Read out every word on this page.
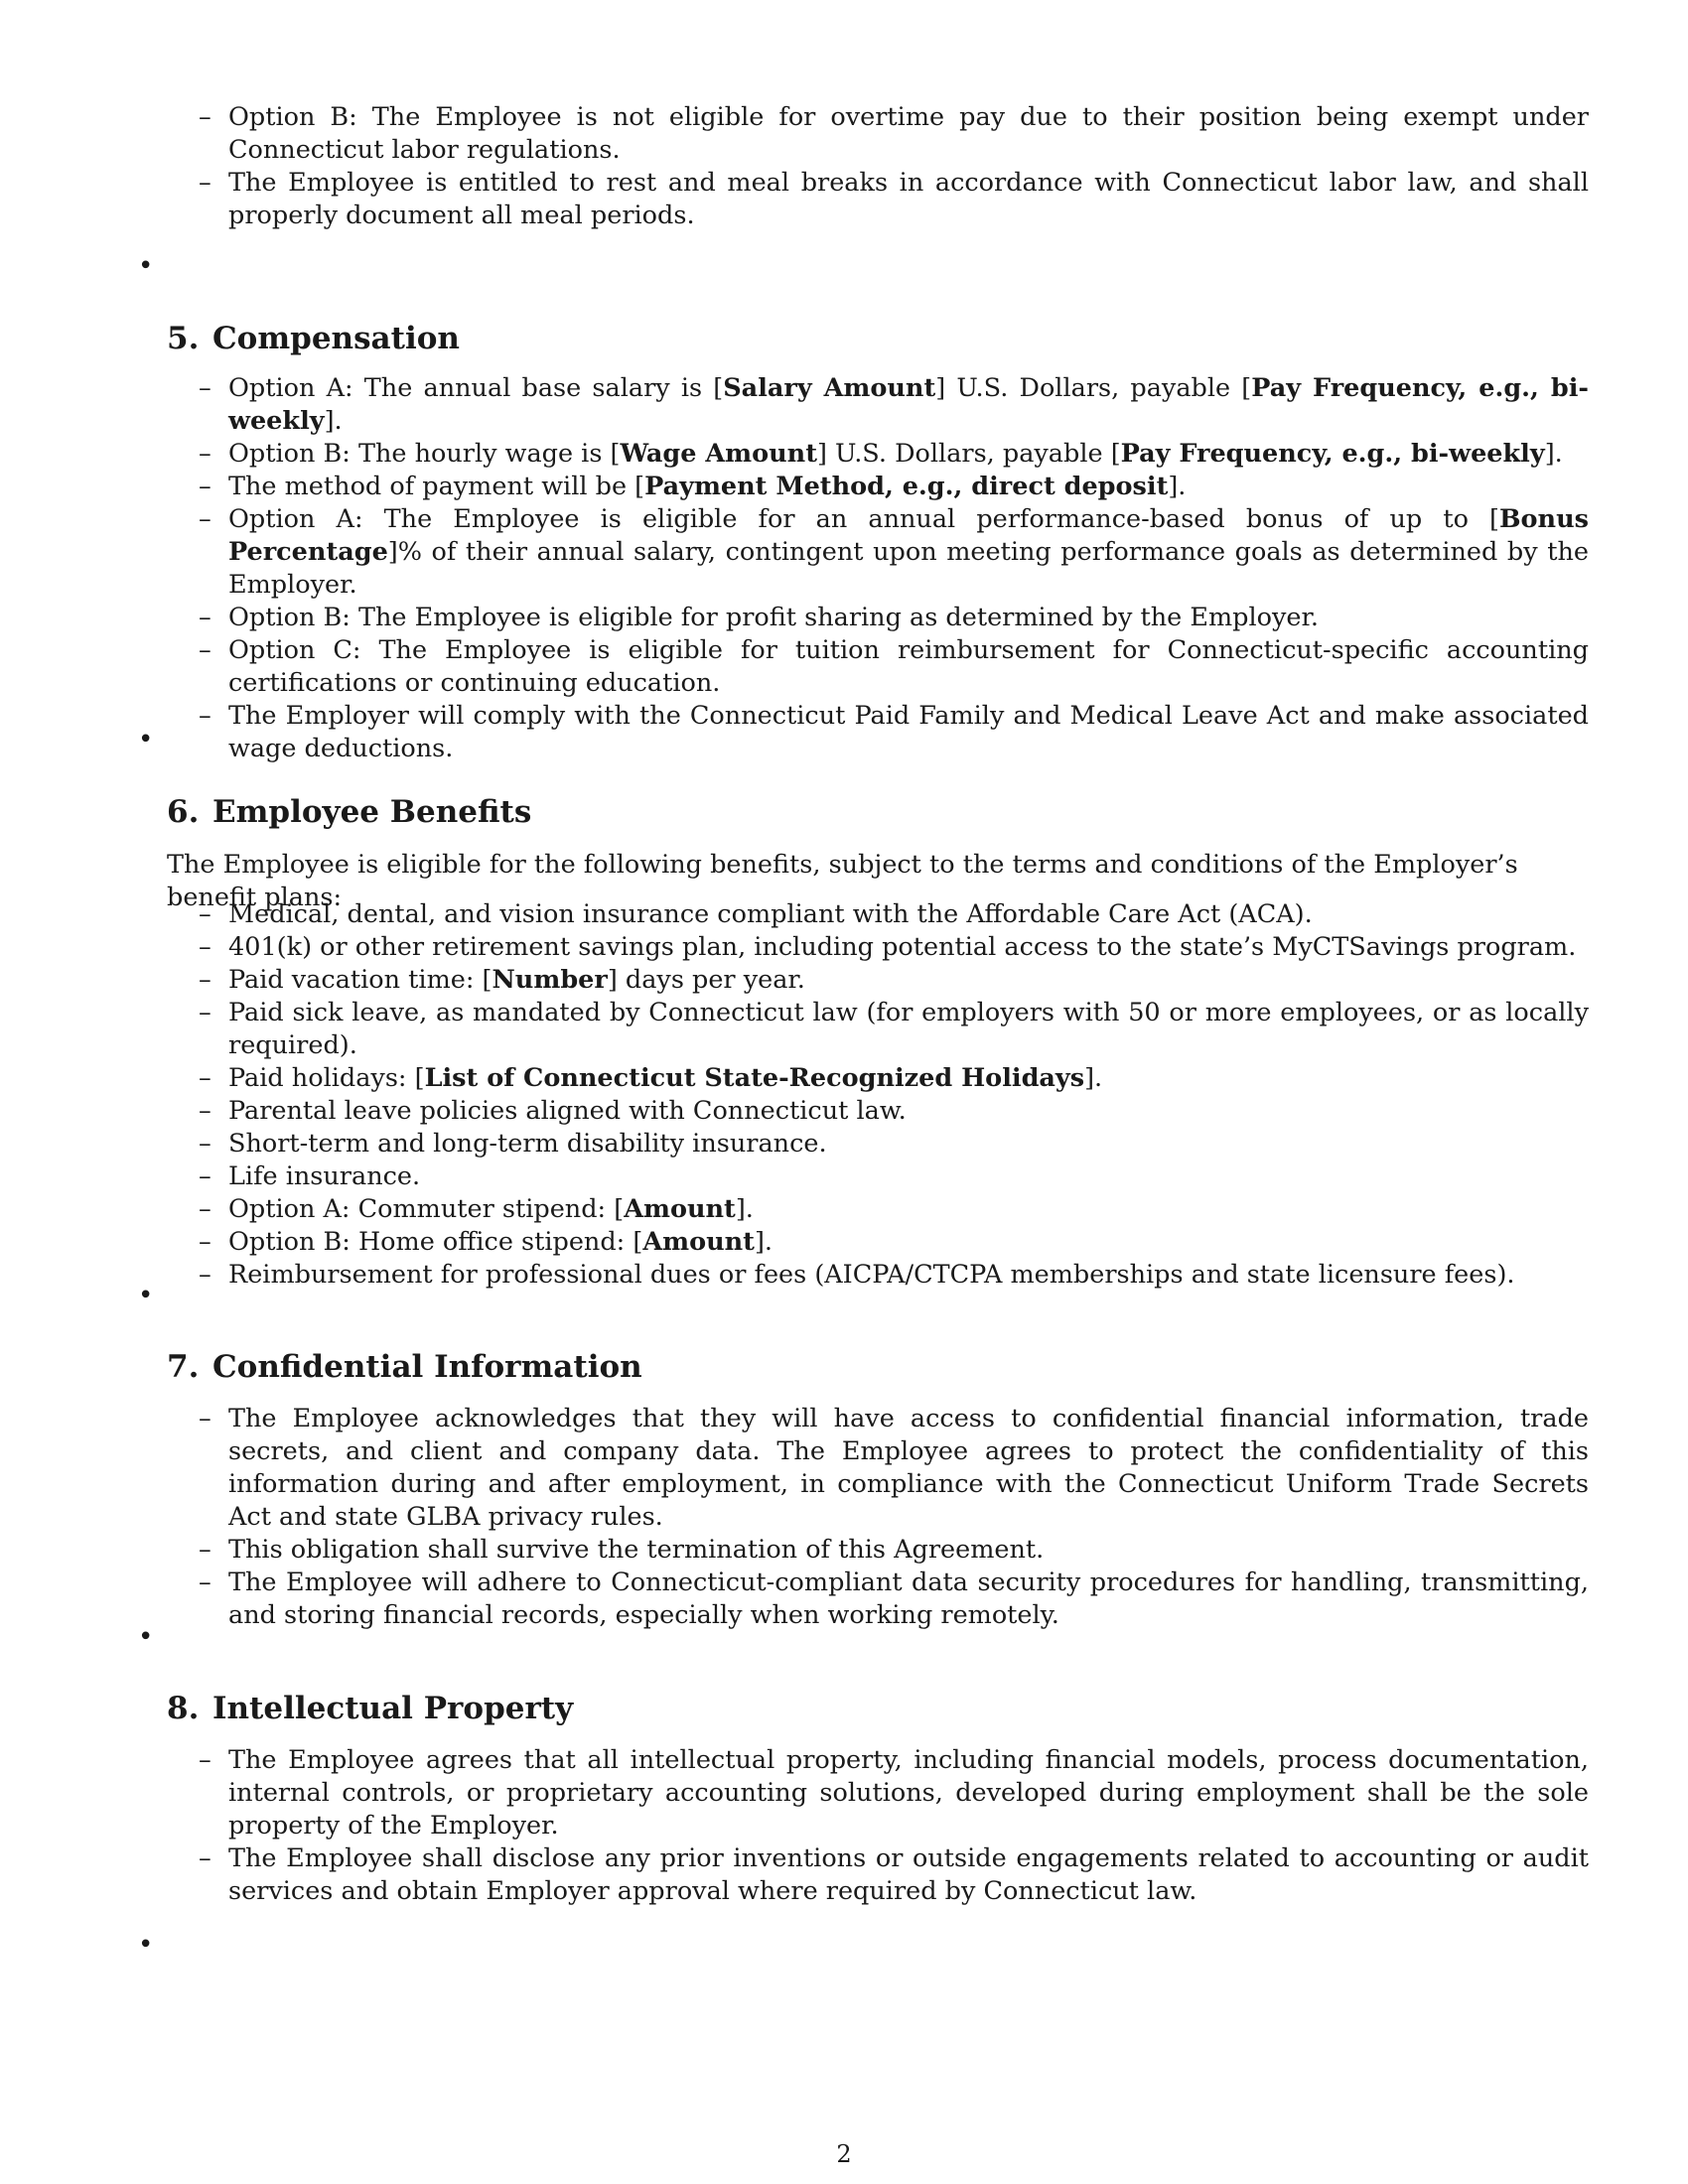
– Option B: The Employee is not eligible for overtime pay due to their position being exempt under Connecticut labor regulations.
– The Employee is entitled to rest and meal breaks in accordance with Connecticut labor law, and shall properly document all meal periods.
•
5. Compensation
– Option A: The annual base salary is [Salary Amount] U.S. Dollars, payable [Pay Frequency, e.g., bi-weekly].
– Option B: The hourly wage is [Wage Amount] U.S. Dollars, payable [Pay Frequency, e.g., bi-weekly].
– The method of payment will be [Payment Method, e.g., direct deposit].
– Option A: The Employee is eligible for an annual performance-based bonus of up to [Bonus Percentage]% of their annual salary, contingent upon meeting performance goals as determined by the Employer.
– Option B: The Employee is eligible for profit sharing as determined by the Employer.
– Option C: The Employee is eligible for tuition reimbursement for Connecticut-specific accounting certifications or continuing education.
– The Employer will comply with the Connecticut Paid Family and Medical Leave Act and make associated wage deductions.
•
6. Employee Benefits

The Employee is eligible for the following benefits, subject to the terms and conditions of the Employer’s benefit plans:

– Medical, dental, and vision insurance compliant with the Affordable Care Act (ACA).
– 401(k) or other retirement savings plan, including potential access to the state’s MyCTSavings program.
– Paid vacation time: [Number] days per year.
– Paid sick leave, as mandated by Connecticut law (for employers with 50 or more employees, or as locally required).
– Paid holidays: [List of Connecticut State-Recognized Holidays].
– Parental leave policies aligned with Connecticut law.
– Short-term and long-term disability insurance.
– Life insurance.
– Option A: Commuter stipend: [Amount].
– Option B: Home office stipend: [Amount].
– Reimbursement for professional dues or fees (AICPA/CTCPA memberships and state licensure fees).
•
7. Confidential Information
– The Employee acknowledges that they will have access to confidential financial information, trade secrets, and client and company data. The Employee agrees to protect the confidentiality of this information during and after employment, in compliance with the Connecticut Uniform Trade Secrets Act and state GLBA privacy rules.
– This obligation shall survive the termination of this Agreement.
– The Employee will adhere to Connecticut-compliant data security procedures for handling, transmitting, and storing financial records, especially when working remotely.
•
8. Intellectual Property
– The Employee agrees that all intellectual property, including financial models, process documentation, internal controls, or proprietary accounting solutions, developed during employment shall be the sole property of the Employer.
– The Employee shall disclose any prior inventions or outside engagements related to accounting or audit services and obtain Employer approval where required by Connecticut law.
•
2
